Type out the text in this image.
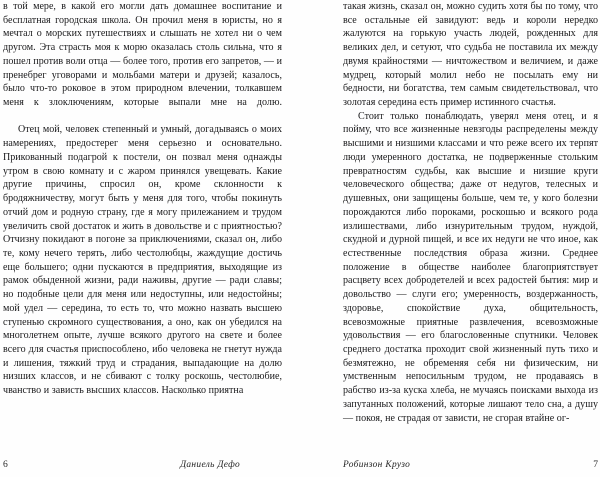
в той мере, в какой его могли дать домашнее воспитание и бесплатная городская школа. Он прочил меня в юристы, но я мечтал о морских путешествиях и слышать не хотел ни о чем другом. Эта страсть моя к морю оказалась столь сильна, что я пошел против воли отца — более того, против его запретов, — и пренебрег уговорами и мольбами матери и друзей; казалось, было что-то роковое в этом природном влечении, толкавшем меня к злоключениям, которые выпали мне на долю.

Отец мой, человек степенный и умный, догадываясь о моих намерениях, предостерег меня серьезно и основательно. Прикованный подагрой к постели, он позвал меня однажды утром в свою комнату и с жаром принялся увещевать. Какие другие причины, спросил он, кроме склонности к бродяжничеству, могут быть у меня для того, чтобы покинуть отчий дом и родную страну, где я могу прилежанием и трудом увеличить свой достаток и жить в довольстве и с приятностью? Отчизну покидают в погоне за приключениями, сказал он, либо те, кому нечего терять, либо честолюбцы, жаждущие достичь еще большего; одни пускаются в предприятия, выходящие из рамок обыденной жизни, ради наживы, другие — ради славы; но подобные цели для меня или недоступны, или недостойны; мой удел — середина, то есть то, что можно назвать высшею ступенью скромного существования, а оно, как он убедился на многолетнем опыте, лучше всякого другого на свете и более всего для счастья приспособлено, ибо человека не гнетут нужда и лишения, тяжкий труд и страдания, выпадающие на долю низших классов, и не сбивают с толку роскошь, честолюбие, чванство и зависть высших классов. Насколько приятна

такая жизнь, сказал он, можно судить хотя бы по тому, что все остальные ей завидуют: ведь и короли нередко жалуются на горькую участь людей, рожденных для великих дел, и сетуют, что судьба не поставила их между двумя крайностями — ничтожеством и величием, и даже мудрец, который молил небо не посылать ему ни бедности, ни богатства, тем самым свидетельствовал, что золотая середина есть пример истинного счастья.

Стоит только понаблюдать, уверял меня отец, и я пойму, что все жизненные невзгоды распределены между высшими и низшими классами и что реже всего их терпят люди умеренного достатка, не подверженные стольким превратностям судьбы, как высшие и низшие круги человеческого общества; даже от недугов, телесных и душевных, они защищены больше, чем те, у кого болезни порождаются либо пороками, роскошью и всякого рода излишествами, либо изнурительным трудом, нуждой, скудной и дурной пищей, и все их недуги не что иное, как естественные последствия образа жизни. Среднее положение в обществе наиболее благоприятствует расцвету всех добродетелей и всех радостей бытия: мир и довольство — слуги его; умеренность, воздержанность, здоровье, спокойствие духа, общительность, всевозможные приятные развлечения, всевозможные удовольствия — его благословенные спутники. Человек среднего достатка проходит свой жизненный путь тихо и безмятежно, не обременяя себя ни физическим, ни умственным непосильным трудом, не продаваясь в рабство из-за куска хлеба, не мучаясь поисками выхода из запутанных положений, которые лишают тело сна, а душу — покоя, не страдая от зависти, не сгорая втайне ог-

6	Даниель Дефо	Робинзон Крузо	7
